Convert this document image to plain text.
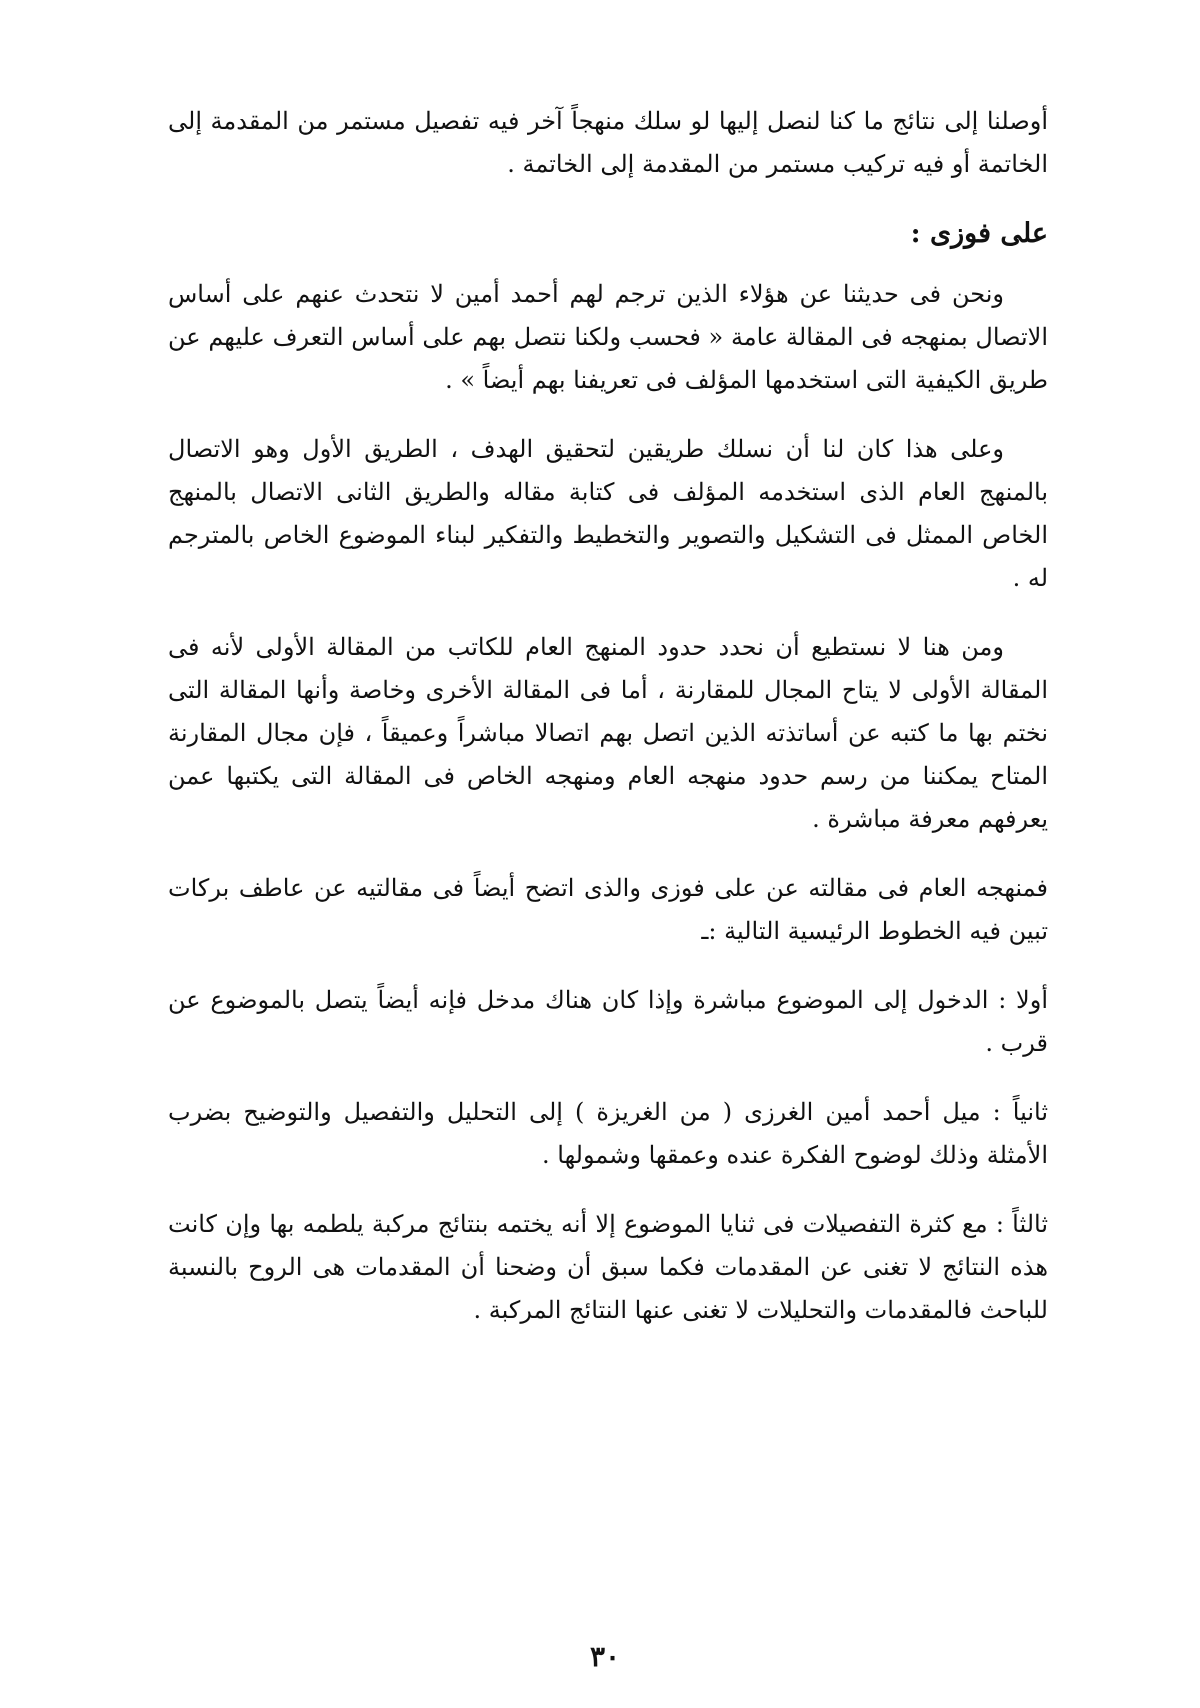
أوصلنا إلى نتائج ما كنا لنصل إليها لو سلك منهجاً آخر فيه تفصيل مستمر من المقدمة إلى الخاتمة أو فيه تركيب مستمر من المقدمة إلى الخاتمة .

على فوزى :

ونحن فى حديثنا عن هؤلاء الذين ترجم لهم أحمد أمين لا نتحدث عنهم على أساس الاتصال بمنهجه فى المقالة عامة « فحسب ولكنا نتصل بهم على أساس التعرف عليهم عن طريق الكيفية التى استخدمها المؤلف فى تعريفنا بهم أيضاً » .

وعلى هذا كان لنا أن نسلك طريقين لتحقيق الهدف ، الطريق الأول وهو الاتصال بالمنهج العام الذى استخدمه المؤلف فى كتابة مقاله والطريق الثانى الاتصال بالمنهج الخاص الممثل فى التشكيل والتصوير والتخطيط والتفكير لبناء الموضوع الخاص بالمترجم له .

ومن هنا لا نستطيع أن نحدد حدود المنهج العام للكاتب من المقالة الأولى لأنه فى المقالة الأولى لا يتاح المجال للمقارنة ، أما فى المقالة الأخرى وخاصة وأنها المقالة التى نختم بها ما كتبه عن أساتذته الذين اتصل بهم اتصالا مباشراً وعميقاً ، فإن مجال المقارنة المتاح يمكننا من رسم حدود منهجه العام ومنهجه الخاص فى المقالة التى يكتبها عمن يعرفهم معرفة مباشرة .

فمنهجه العام فى مقالته عن على فوزى والذى اتضح أيضاً فى مقالتيه عن عاطف بركات تبين فيه الخطوط الرئيسية التالية :ـ

أولا : الدخول إلى الموضوع مباشرة وإذا كان هناك مدخل فإنه أيضاً يتصل بالموضوع عن قرب .

ثانياً : ميل أحمد أمين الغرزى ( من الغريزة ) إلى التحليل والتفصيل والتوضيح بضرب الأمثلة وذلك لوضوح الفكرة عنده وعمقها وشمولها .

ثالثاً : مع كثرة التفصيلات فى ثنايا الموضوع إلا أنه يختمه بنتائج مركبة يلطمه بها وإن كانت هذه النتائج لا تغنى عن المقدمات فكما سبق أن وضحنا أن المقدمات هى الروح بالنسبة للباحث فالمقدمات والتحليلات لا تغنى عنها النتائج المركبة .

٣٠
